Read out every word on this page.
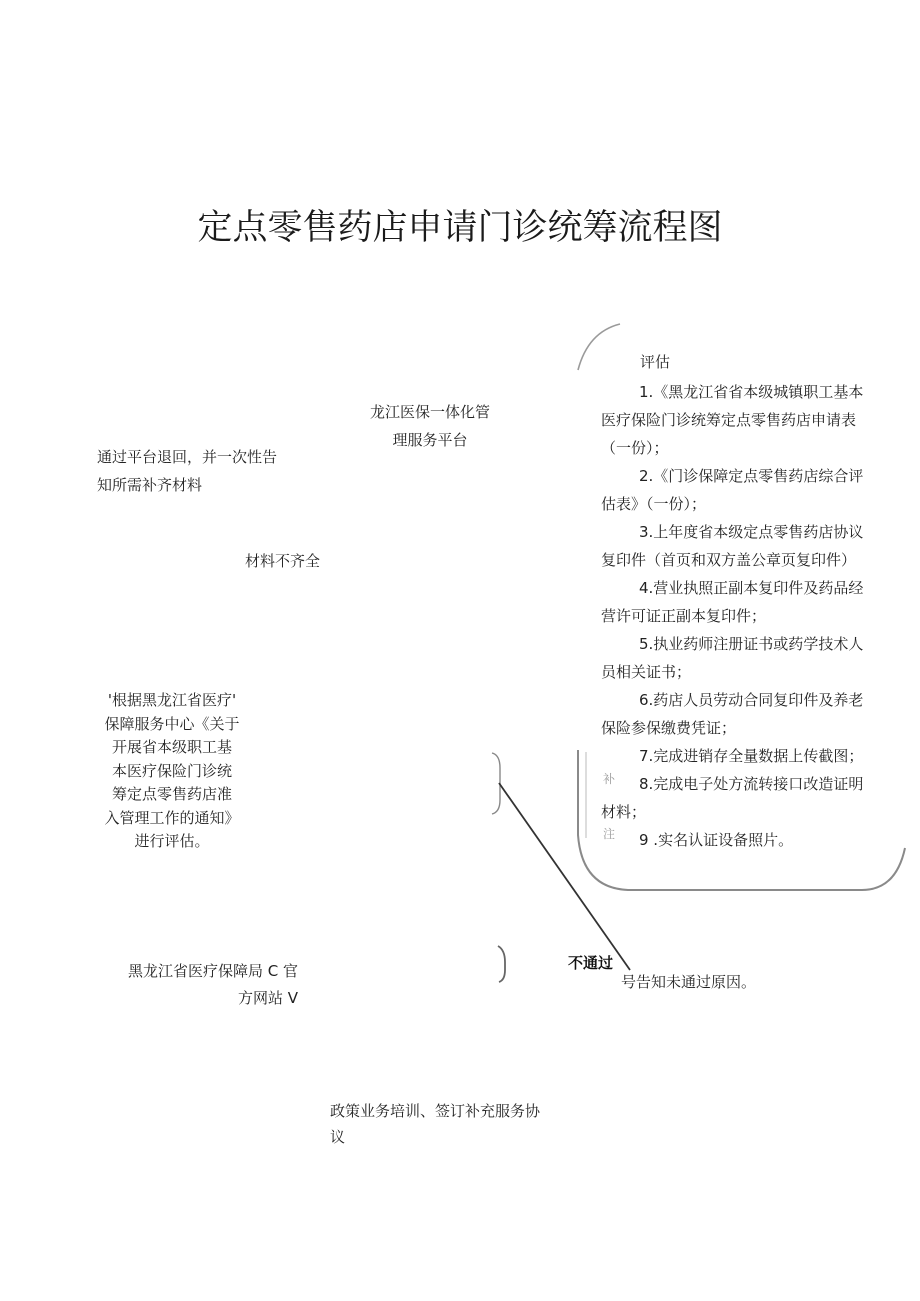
定点零售药店申请门诊统筹流程图
龙江医保一体化管
理服务平台
通过平台退回，并一次性告
知所需补齐材料
材料不齐全
'根据黑龙江省医疗'
保障服务中心《关于
开展省本级职工基
本医疗保险门诊统
筹定点零售药店准
入管理工作的通知》
进行评估。
黑龙江省医疗保障局 C 官
方网站 V
不通过
号告知未通过原因。
政策业务培训、签订补充服务协
议
评估
1.《黑龙江省省本级城镇职工基本
医疗保险门诊统筹定点零售药店申请表
（一份）；
2.《门诊保障定点零售药店综合评
估表》（一份）；
3.上年度省本级定点零售药店协议
复印件（首页和双方盖公章页复印件）
4.营业执照正副本复印件及药品经
营许可证正副本复印件；
5.执业药师注册证书或药学技术人
员相关证书；
6.药店人员劳动合同复印件及养老
保险参保缴费凭证；
7.完成进销存全量数据上传截图；
8.完成电子处方流转接口改造证明
材料；
9 .实名认证设备照片。
补
注
